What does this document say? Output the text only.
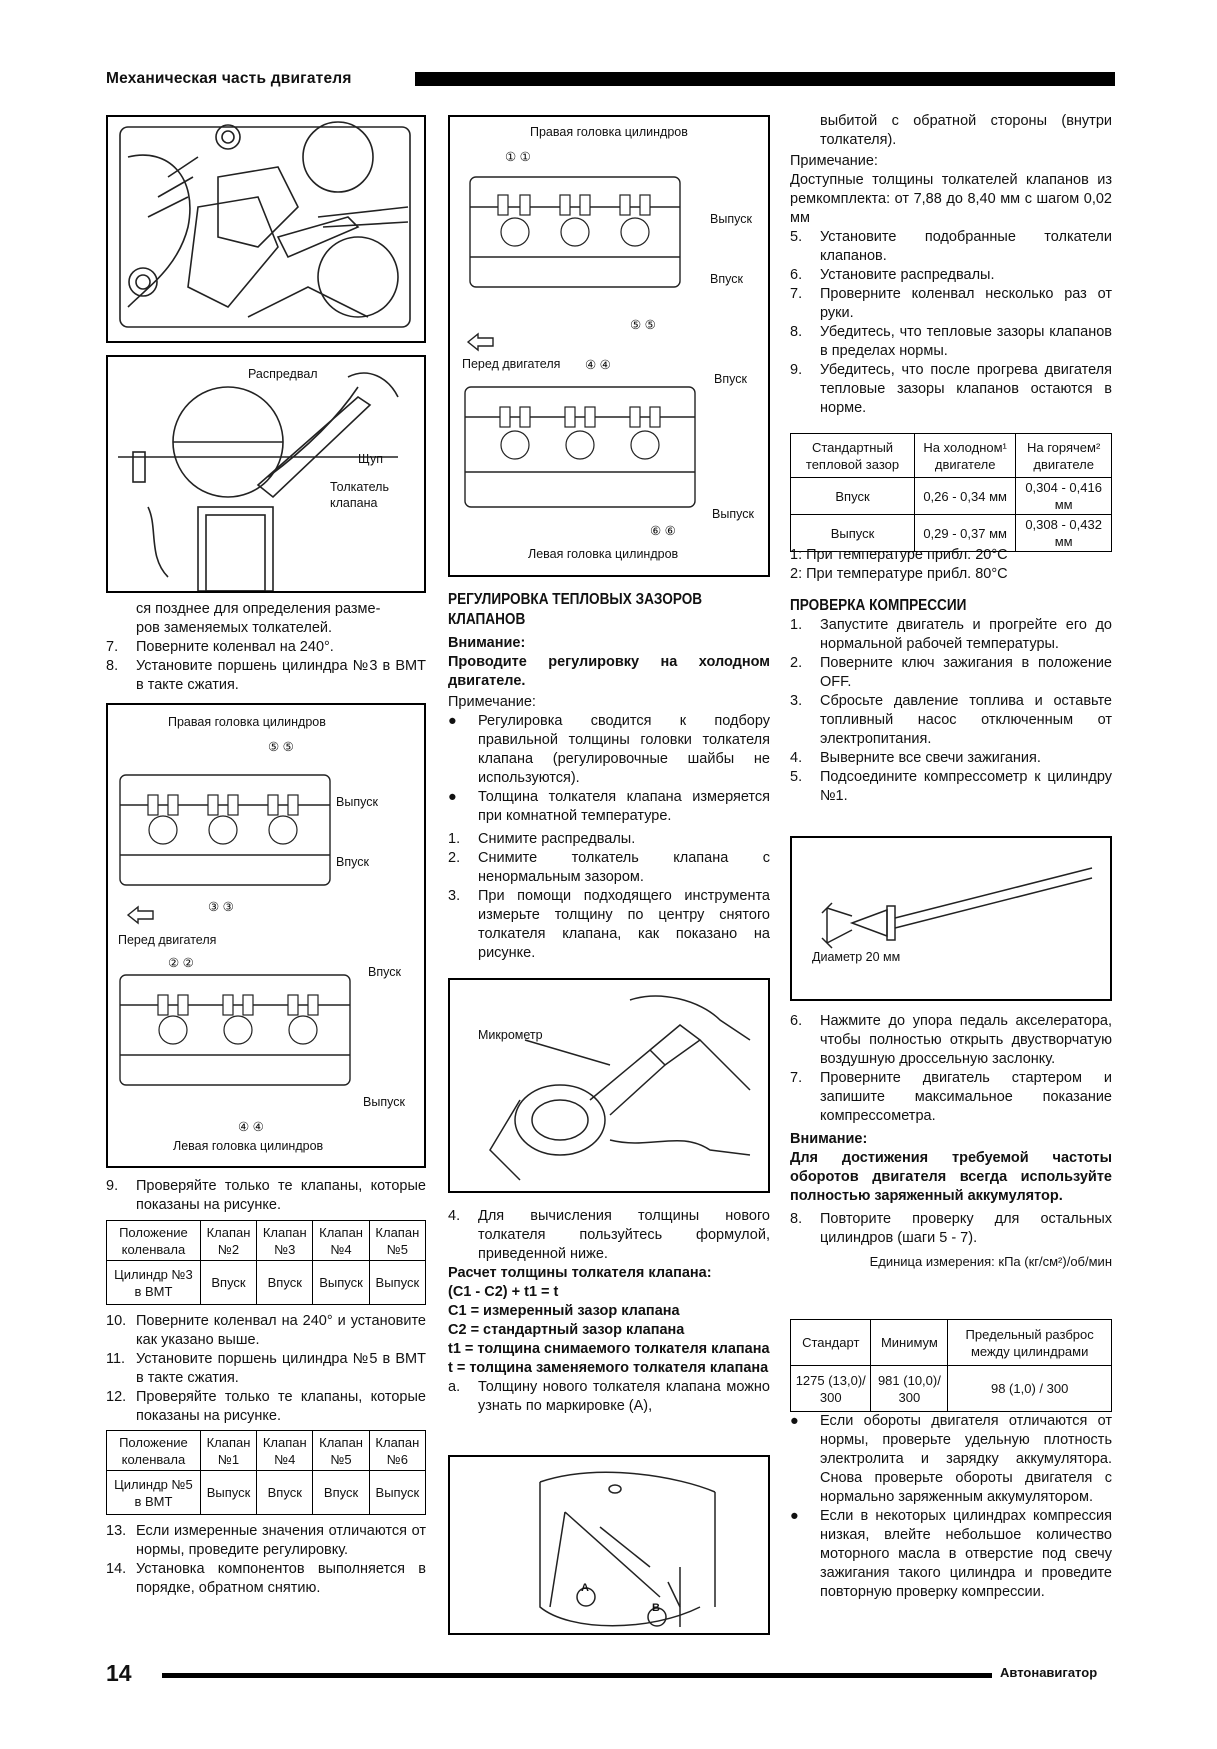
Механическая часть двигателя
Распредвал
Щуп
Толкатель
клапана

ся позднее для определения разме-

ров заменяемых толкателей.

7.	Поверните коленвал на 240°.
8.	Установите поршень цилиндра №3 в ВМТ в такте сжатия.
Правая головка цилиндров
⑤ ⑤
Выпуск
Впуск
③ ③
Перед двигателя
② ②
Впуск
Выпуск
④ ④
Левая головка цилиндров
9.	Проверяйте только те клапаны, которые показаны на рисунке.
Положение коленвала	Клапан №2	Клапан №3	Клапан №4	Клапан №5
Цилиндр №3 в ВМТ	Впуск	Впуск	Выпуск	Выпуск
10. Поверните коленвал на 240° и установите как указано выше.
11. Установите поршень цилиндра №5 в ВМТ в такте сжатия.
12. Проверяйте только те клапаны, которые показаны на рисунке.
Положение коленвала	Клапан №1	Клапан №4	Клапан №5	Клапан №6
Цилиндр №5 в ВМТ	Выпуск	Впуск	Впуск	Выпуск
13. Если измеренные значения отличаются от нормы, проведите регулировку.
14. Установка компонентов выполняется в порядке, обратном снятию.
Правая головка цилиндров
① ①
Выпуск
Впуск
⑤ ⑤
Перед двигателя ④ ④
Впуск
Выпуск
⑥ ⑥
Левая головка цилиндров
РЕГУЛИРОВКА ТЕПЛОВЫХ ЗАЗОРОВ КЛАПАНОВ

Внимание:

Проводите регулировку на холодном двигателе.

Примечание:

●	Регулировка сводится к подбору правильной толщины головки толкателя клапана (регулировочные шайбы не используются).
●	Толщина толкателя клапана измеряется при комнатной температуре.
1.	Снимите распредвалы.
2.	Снимите толкатель клапана с ненормальным зазором.
3.	При помощи подходящего инструмента измерьте толщину по центру снятого толкателя клапана, как показано на рисунке.
Микрометр
4.	Для вычисления толщины нового толкателя пользуйтесь формулой, приведенной ниже.

Расчет толщины толкателя клапана:

(C1 - C2) + t1 = t

C1 = измеренный зазор клапана

C2 = стандартный зазор клапана

t1 = толщина снимаемого толкателя клапана

t = толщина заменяемого толкателя клапана

a.	Толщину нового толкателя клапана можно узнать по маркировке (A),
A
B

выбитой с обратной стороны (внутри толкателя).

Примечание:

Доступные толщины толкателей клапанов из ремкомплекта: от 7,88 до 8,40 мм с шагом 0,02 мм

5.	Установите подобранные толкатели клапанов.
6.	Установите распредвалы.
7.	Проверните коленвал несколько раз от руки.
8.	Убедитесь, что тепловые зазоры клапанов в пределах нормы.
9.	Убедитесь, что после прогрева двигателя тепловые зазоры клапанов остаются в норме.
Стандартный тепловой зазор	На холодном¹ двигателе	На горячем² двигателе
Впуск	0,26 - 0,34 мм	0,304 - 0,416 мм
Выпуск	0,29 - 0,37 мм	0,308 - 0,432 мм

1: При температуре прибл. 20°C

2: При температуре прибл. 80°C

ПРОВЕРКА КОМПРЕССИИ
1.	Запустите двигатель и прогрейте его до нормальной рабочей температуры.
2.	Поверните ключ зажигания в положение OFF.
3.	Сбросьте давление топлива и оставьте топливный насос отключенным от электропитания.
4.	Выверните все свечи зажигания.
5.	Подсоедините компрессометр к цилиндру №1.
Диаметр 20 мм
6.	Нажмите до упора педаль акселератора, чтобы полностью открыть двустворчатую воздушную дроссельную заслонку.
7.	Проверните двигатель стартером и запишите максимальное показание компрессометра.

Внимание:

Для достижения требуемой частоты оборотов двигателя всегда используйте полностью заряженный аккумулятор.

8.	Повторите проверку для остальных цилиндров (шаги 5 - 7).

Единица измерения: кПа (кг/см²)/об/мин

Стандарт	Минимум	Предельный разброс между цилиндрами
1275 (13,0)/ 300	981 (10,0)/ 300	98 (1,0) / 300
●	Если обороты двигателя отличаются от нормы, проверьте удельную плотность электролита и зарядку аккумулятора. Снова проверьте обороты двигателя с нормально заряженным аккумулятором.
●	Если в некоторых цилиндрах компрессия низкая, влейте небольшое количество моторного масла в отверстие под свечу зажигания такого цилиндра и проведите повторную проверку компрессии.
14	Автонавигатор
